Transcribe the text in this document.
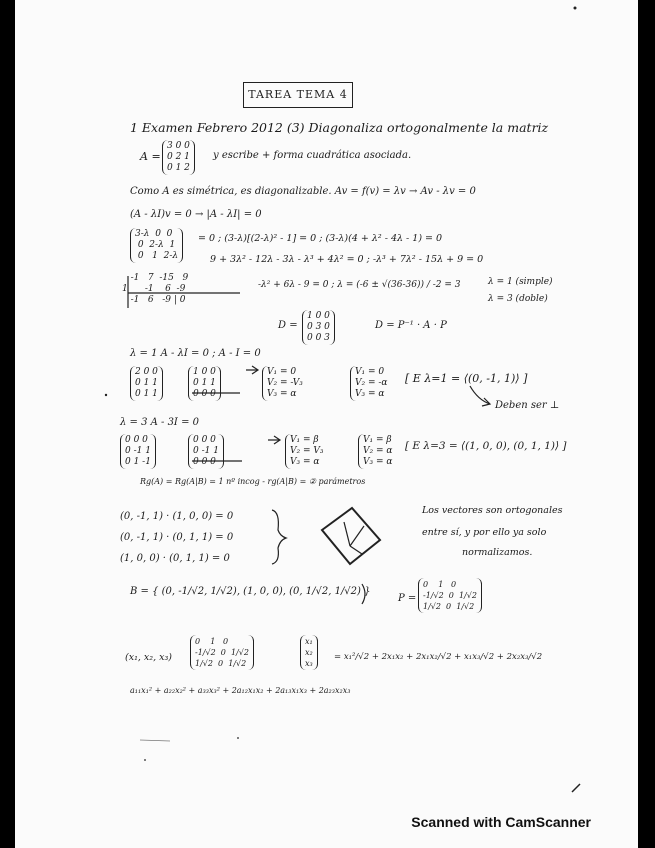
TAREA TEMA 4
1 Examen Febrero 2012 (3) Diagonaliza ortogonalmente la matriz
A =
3 0 0
0 2 1
0 1 2
y escribe + forma cuadrática asociada.
Como A es simétrica, es diagonalizable. Av = f(v) = λv → Av - λv = 0
(A - λI)v = 0 → |A - λI| = 0
3-λ  0  0
0  2-λ  1
0   1  2-λ
= 0 ; (3-λ)[(2-λ)² - 1] = 0 ; (3-λ)(4 + λ² - 4λ - 1) = 0
9 + 3λ² - 12λ - 3λ - λ³ + 4λ² = 0 ; -λ³ + 7λ² - 15λ + 9 = 0
-1   7  -15   9
1      -1    6  -9
-1   6   -9 | 0
-λ² + 6λ - 9 = 0 ; λ = (-6 ± √(36-36)) / -2 = 3	λ = 1 (simple)
λ = 3 (doble)
D =
1 0 0
0 3 0
0 0 3
D = P⁻¹ · A · P
λ = 1 A - λI = 0 ; A - I = 0
2 0 0
0 1 1
0 1 1
1 0 0
0 1 1
0 0 0
V₁ = 0
V₂ = -V₃
V₃ = α
V₁ = 0
V₂ = -α
V₃ = α
[ E λ=1 = ⟨(0, -1, 1)⟩ ]
Deben ser ⊥
λ = 3 A - 3I = 0
0 0 0
0 -1 1
0 1 -1
0 0 0
0 -1 1
0 0 0
V₁ = β
V₂ = V₃
V₃ = α
V₁ = β
V₂ = α
V₃ = α
[ E λ=3 = ⟨(1, 0, 0), (0, 1, 1)⟩ ]
Rg(A) = Rg(A|B) = 1 nº incog - rg(A|B) = ② parámetros
(0, -1, 1) · (1, 0, 0) = 0
(0, -1, 1) · (0, 1, 1) = 0
(1, 0, 0) · (0, 1, 1) = 0
Los vectores son ortogonales
entre sí, y por ello ya solo
normalizamos.
B = { (0, -1/√2, 1/√2), (1, 0, 0), (0, 1/√2, 1/√2) }
P =
0    1   0
-1/√2  0  1/√2
1/√2  0  1/√2
(x₁, x₂, x₃)
0    1   0
-1/√2  0  1/√2
1/√2  0  1/√2
x₁
x₂
x₃
= x₁²/√2 + 2x₁x₂ + 2x₁x₂/√2 + x₁x₃/√2 + 2x₂x₃/√2
a₁₁x₁² + a₂₂x₂² + a₃₃x₃² + 2a₁₂x₁x₂ + 2a₁₃x₁x₃ + 2a₂₃x₂x₃
Scanned with CamScanner
